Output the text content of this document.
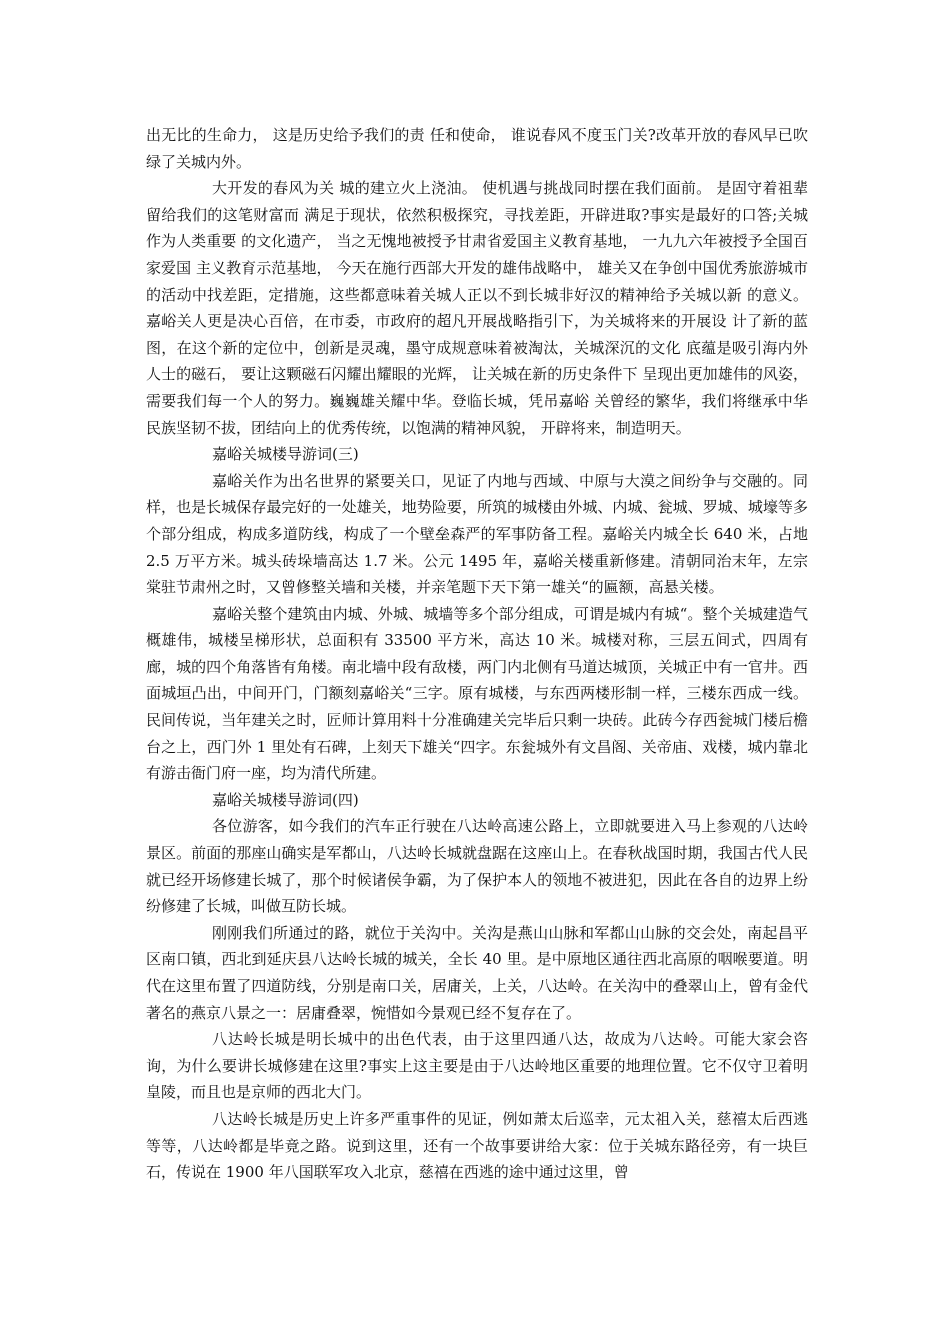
出无比的生命力， 这是历史给予我们的责 任和使命， 谁说春风不度玉门关?改革开放的春风早已吹绿了关城内外。

大开发的春风为关 城的建立火上浇油。 使机遇与挑战同时摆在我们面前。 是固守着祖辈留给我们的这笔财富而 满足于现状，依然积极探究，寻找差距，开辟进取?事实是最好的口答;关城作为人类重要 的文化遗产， 当之无愧地被授予甘肃省爱国主义教育基地， 一九九六年被授予全国百家爱国 主义教育示范基地， 今天在施行西部大开发的雄伟战略中， 雄关又在争创中国优秀旅游城市 的活动中找差距，定措施，这些都意味着关城人正以不到长城非好汉的精神给予关城以新 的意义。 嘉峪关人更是决心百倍，在市委，市政府的超凡开展战略指引下，为关城将来的开展设 计了新的蓝图，在这个新的定位中，创新是灵魂，墨守成规意味着被淘汰，关城深沉的文化 底蕴是吸引海内外人士的磁石， 要让这颗磁石闪耀出耀眼的光辉， 让关城在新的历史条件下 呈现出更加雄伟的风姿，需要我们每一个人的努力。巍巍雄关耀中华。登临长城，凭吊嘉峪 关曾经的繁华，我们将继承中华民族坚韧不拔，团结向上的优秀传统，以饱满的精神风貌， 开辟将来，制造明天。

嘉峪关城楼导游词(三)

嘉峪关作为出名世界的紧要关口，见证了内地与西域、中原与大漠之间纷争与交融的。同样，也是长城保存最完好的一处雄关，地势险要，所筑的城楼由外城、内城、瓮城、罗城、城壕等多个部分组成，构成多道防线，构成了一个壁垒森严的军事防备工程。嘉峪关内城全长 640 米，占地 2.5 万平方米。城头砖垛墙高达 1.7 米。公元 1495 年，嘉峪关楼重新修建。清朝同治末年，左宗棠驻节肃州之时，又曾修整关墙和关楼，并亲笔题下天下第一雄关“的匾额，高悬关楼。

嘉峪关整个建筑由内城、外城、城墙等多个部分组成，可谓是城内有城“。整个关城建造气概雄伟，城楼呈梯形状，总面积有 33500 平方米，高达 10 米。城楼对称，三层五间式，四周有廊，城的四个角落皆有角楼。南北墙中段有敌楼，两门内北侧有马道达城顶，关城正中有一官井。西面城垣凸出，中间开门，门额刻嘉峪关“三字。原有城楼，与东西两楼形制一样，三楼东西成一线。民间传说，当年建关之时，匠师计算用料十分准确建关完毕后只剩一块砖。此砖今存西瓮城门楼后檐台之上，西门外 1 里处有石碑，上刻天下雄关“四字。东瓮城外有文昌阁、关帝庙、戏楼，城内靠北有游击衙门府一座，均为清代所建。

嘉峪关城楼导游词(四)

各位游客，如今我们的汽车正行驶在八达岭高速公路上，立即就要进入马上参观的八达岭景区。前面的那座山确实是军都山，八达岭长城就盘踞在这座山上。在春秋战国时期，我国古代人民就已经开场修建长城了，那个时候诸侯争霸，为了保护本人的领地不被进犯，因此在各自的边界上纷纷修建了长城，叫做互防长城。

刚刚我们所通过的路，就位于关沟中。关沟是燕山山脉和军都山山脉的交会处，南起昌平区南口镇，西北到延庆县八达岭长城的城关，全长 40 里。是中原地区通往西北高原的咽喉要道。明代在这里布置了四道防线，分别是南口关，居庸关，上关，八达岭。在关沟中的叠翠山上，曾有金代著名的燕京八景之一：居庸叠翠，惋惜如今景观已经不复存在了。

八达岭长城是明长城中的出色代表，由于这里四通八达，故成为八达岭。可能大家会咨询，为什么要讲长城修建在这里?事实上这主要是由于八达岭地区重要的地理位置。它不仅守卫着明皇陵，而且也是京师的西北大门。

八达岭长城是历史上许多严重事件的见证，例如萧太后巡幸，元太祖入关，慈禧太后西逃等等，八达岭都是毕竟之路。说到这里，还有一个故事要讲给大家：位于关城东路径旁，有一块巨石，传说在 1900 年八国联军攻入北京，慈禧在西逃的途中通过这里，曾
